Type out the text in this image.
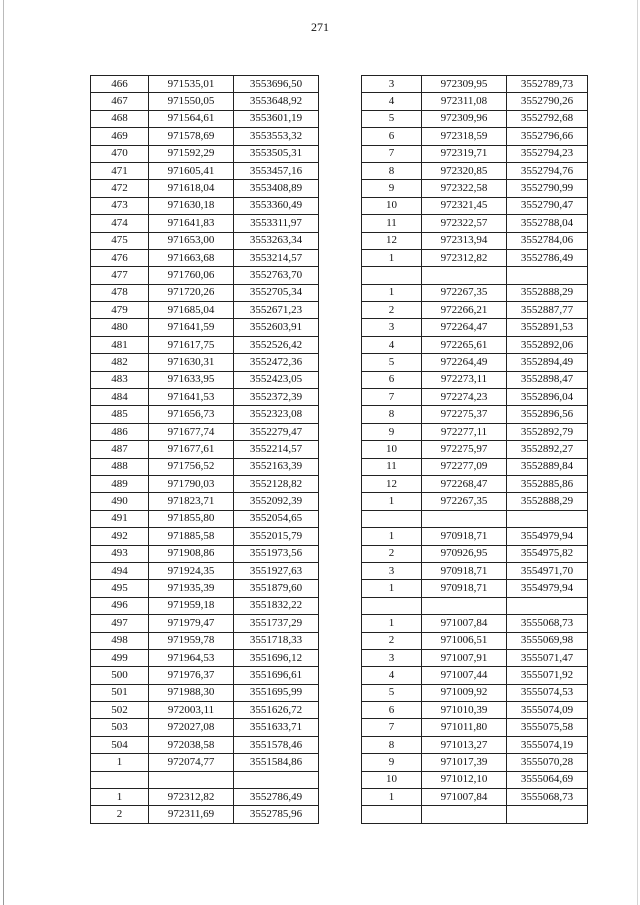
271
466	971535,01	3553696,50
467	971550,05	3553648,92
468	971564,61	3553601,19
469	971578,69	3553553,32
470	971592,29	3553505,31
471	971605,41	3553457,16
472	971618,04	3553408,89
473	971630,18	3553360,49
474	971641,83	3553311,97
475	971653,00	3553263,34
476	971663,68	3553214,57
477	971760,06	3552763,70
478	971720,26	3552705,34
479	971685,04	3552671,23
480	971641,59	3552603,91
481	971617,75	3552526,42
482	971630,31	3552472,36
483	971633,95	3552423,05
484	971641,53	3552372,39
485	971656,73	3552323,08
486	971677,74	3552279,47
487	971677,61	3552214,57
488	971756,52	3552163,39
489	971790,03	3552128,82
490	971823,71	3552092,39
491	971855,80	3552054,65
492	971885,58	3552015,79
493	971908,86	3551973,56
494	971924,35	3551927,63
495	971935,39	3551879,60
496	971959,18	3551832,22
497	971979,47	3551737,29
498	971959,78	3551718,33
499	971964,53	3551696,12
500	971976,37	3551696,61
501	971988,30	3551695,99
502	972003,11	3551626,72
503	972027,08	3551633,71
504	972038,58	3551578,46
1	972074,77	3551584,86

1	972312,82	3552786,49
2	972311,69	3552785,96
3	972309,95	3552789,73
4	972311,08	3552790,26
5	972309,96	3552792,68
6	972318,59	3552796,66
7	972319,71	3552794,23
8	972320,85	3552794,76
9	972322,58	3552790,99
10	972321,45	3552790,47
11	972322,57	3552788,04
12	972313,94	3552784,06
1	972312,82	3552786,49

1	972267,35	3552888,29
2	972266,21	3552887,77
3	972264,47	3552891,53
4	972265,61	3552892,06
5	972264,49	3552894,49
6	972273,11	3552898,47
7	972274,23	3552896,04
8	972275,37	3552896,56
9	972277,11	3552892,79
10	972275,97	3552892,27
11	972277,09	3552889,84
12	972268,47	3552885,86
1	972267,35	3552888,29

1	970918,71	3554979,94
2	970926,95	3554975,82
3	970918,71	3554971,70
1	970918,71	3554979,94

1	971007,84	3555068,73
2	971006,51	3555069,98
3	971007,91	3555071,47
4	971007,44	3555071,92
5	971009,92	3555074,53
6	971010,39	3555074,09
7	971011,80	3555075,58
8	971013,27	3555074,19
9	971017,39	3555070,28
10	971012,10	3555064,69
1	971007,84	3555068,73
